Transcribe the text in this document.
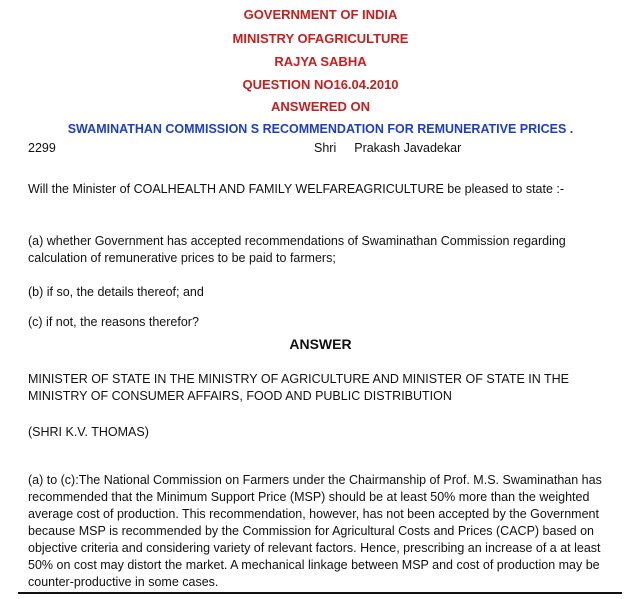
GOVERNMENT OF INDIA
MINISTRY OFAGRICULTURE
RAJYA SABHA
QUESTION NO16.04.2010
ANSWERED ON
SWAMINATHAN COMMISSION S RECOMMENDATION FOR REMUNERATIVE PRICES .
2299	Shri Prakash Javadekar
Will the Minister of COALHEALTH AND FAMILY WELFAREAGRICULTURE be pleased to state :-
(a) whether Government has accepted recommendations of Swaminathan Commission regarding calculation of remunerative prices to be paid to farmers;
(b) if so, the details thereof; and
(c) if not, the reasons therefor?
ANSWER
MINISTER OF STATE IN THE MINISTRY OF AGRICULTURE AND MINISTER OF STATE IN THE MINISTRY OF CONSUMER AFFAIRS, FOOD AND PUBLIC DISTRIBUTION
(SHRI K.V. THOMAS)
(a) to (c):The National Commission on Farmers under the Chairmanship of Prof. M.S. Swaminathan has recommended that the Minimum Support Price (MSP) should be at least 50% more than the weighted average cost of production. This recommendation, however, has not been accepted by the Government because MSP is recommended by the Commission for Agricultural Costs and Prices (CACP) based on objective criteria and considering variety of relevant factors. Hence, prescribing an increase of a at least 50% on cost may distort the market. A mechanical linkage between MSP and cost of production may be counter-productive in some cases.
